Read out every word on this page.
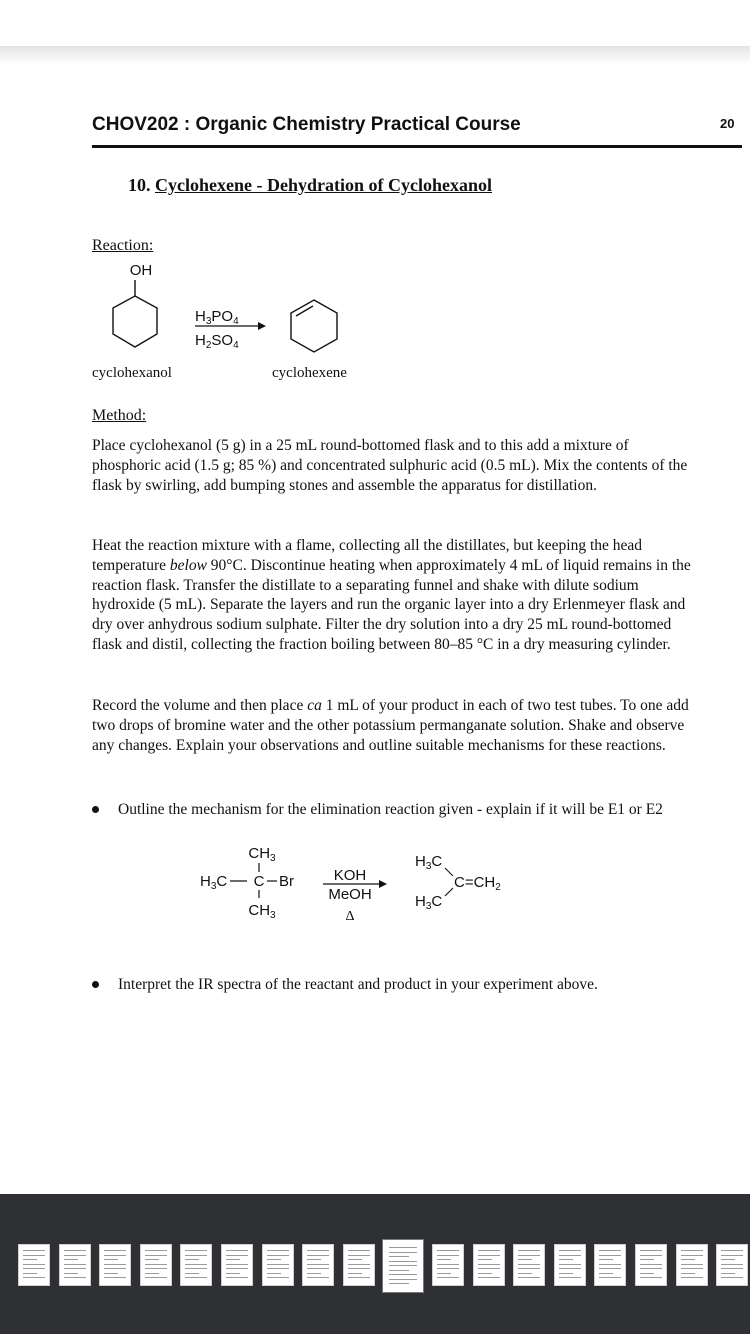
CHOV202 : Organic Chemistry Practical Course	20
10. Cyclohexene - Dehydration of Cyclohexanol
Reaction:
OH
$H_3PO_4$
$H_2SO_4$
cyclohexanol	cyclohexene
Method:
Place cyclohexanol (5 g) in a 25 mL round-bottomed flask and to this add a mixture of phosphoric acid (1.5 g; 85 %) and concentrated sulphuric acid (0.5 mL). Mix the contents of the flask by swirling, add bumping stones and assemble the apparatus for distillation.
Heat the reaction mixture with a flame, collecting all the distillates, but keeping the head temperature below 90°C. Discontinue heating when approximately 4 mL of liquid remains in the reaction flask. Transfer the distillate to a separating funnel and shake with dilute sodium hydroxide (5 mL). Separate the layers and run the organic layer into a dry Erlenmeyer flask and dry over anhydrous sodium sulphate. Filter the dry solution into a dry 25 mL round-bottomed flask and distil, collecting the fraction boiling between 80–85 °C in a dry measuring cylinder.
Record the volume and then place ca 1 mL of your product in each of two test tubes. To one add two drops of bromine water and the other potassium permanganate solution. Shake and observe any changes. Explain your observations and outline suitable mechanisms for these reactions.
Outline the mechanism for the elimination reaction given - explain if it will be E1 or E2
$CH_3$
$H_3C$ C Br
$CH_3$
KOH
MeOH
Δ
$H_3C$
$C=CH_2$
$H_3C$
Interpret the IR spectra of the reactant and product in your experiment above.
